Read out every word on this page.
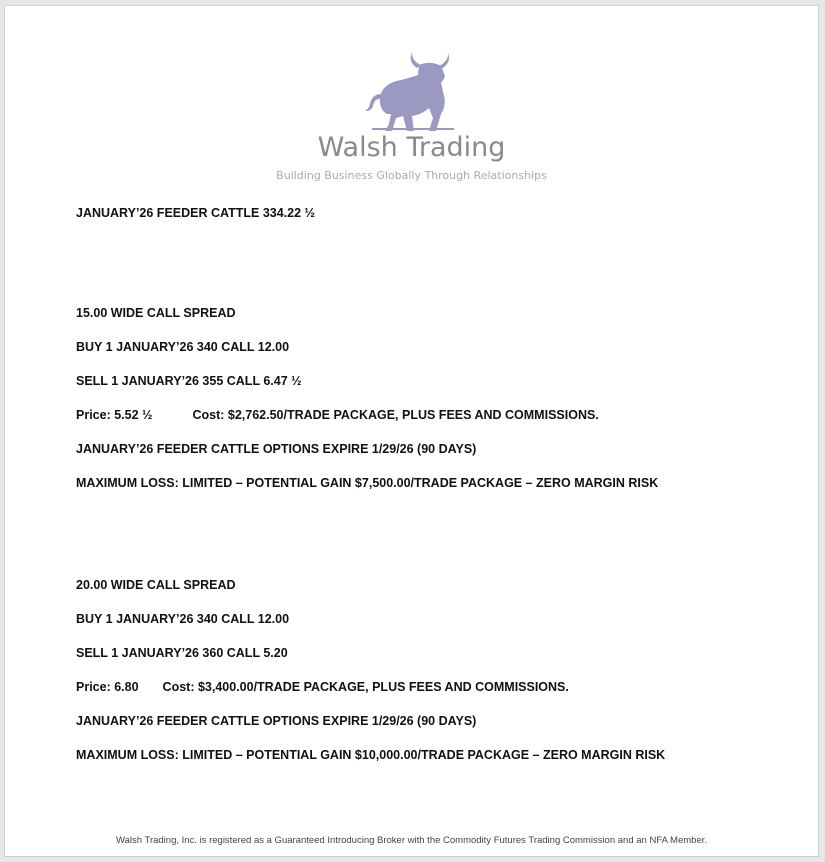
Walsh Trading
Building Business Globally Through Relationships
JANUARY’26 FEEDER CATTLE 334.22 ½
15.00 WIDE CALL SPREAD
BUY 1 JANUARY’26 340 CALL 12.00
SELL 1 JANUARY’26 355 CALL 6.47 ½
Price: 5.52 ½	Cost: $2,762.50/TRADE PACKAGE, PLUS FEES AND COMMISSIONS.
JANUARY’26 FEEDER CATTLE OPTIONS EXPIRE 1/29/26 (90 DAYS)
MAXIMUM LOSS: LIMITED – POTENTIAL GAIN $7,500.00/TRADE PACKAGE – ZERO MARGIN RISK
20.00 WIDE CALL SPREAD
BUY 1 JANUARY’26 340 CALL 12.00
SELL 1 JANUARY’26 360 CALL 5.20
Price: 6.80 Cost: $3,400.00/TRADE PACKAGE, PLUS FEES AND COMMISSIONS.
JANUARY’26 FEEDER CATTLE OPTIONS EXPIRE 1/29/26 (90 DAYS)
MAXIMUM LOSS: LIMITED – POTENTIAL GAIN $10,000.00/TRADE PACKAGE – ZERO MARGIN RISK
Walsh Trading, Inc. is registered as a Guaranteed Introducing Broker with the Commodity Futures Trading Commission and an NFA Member.
